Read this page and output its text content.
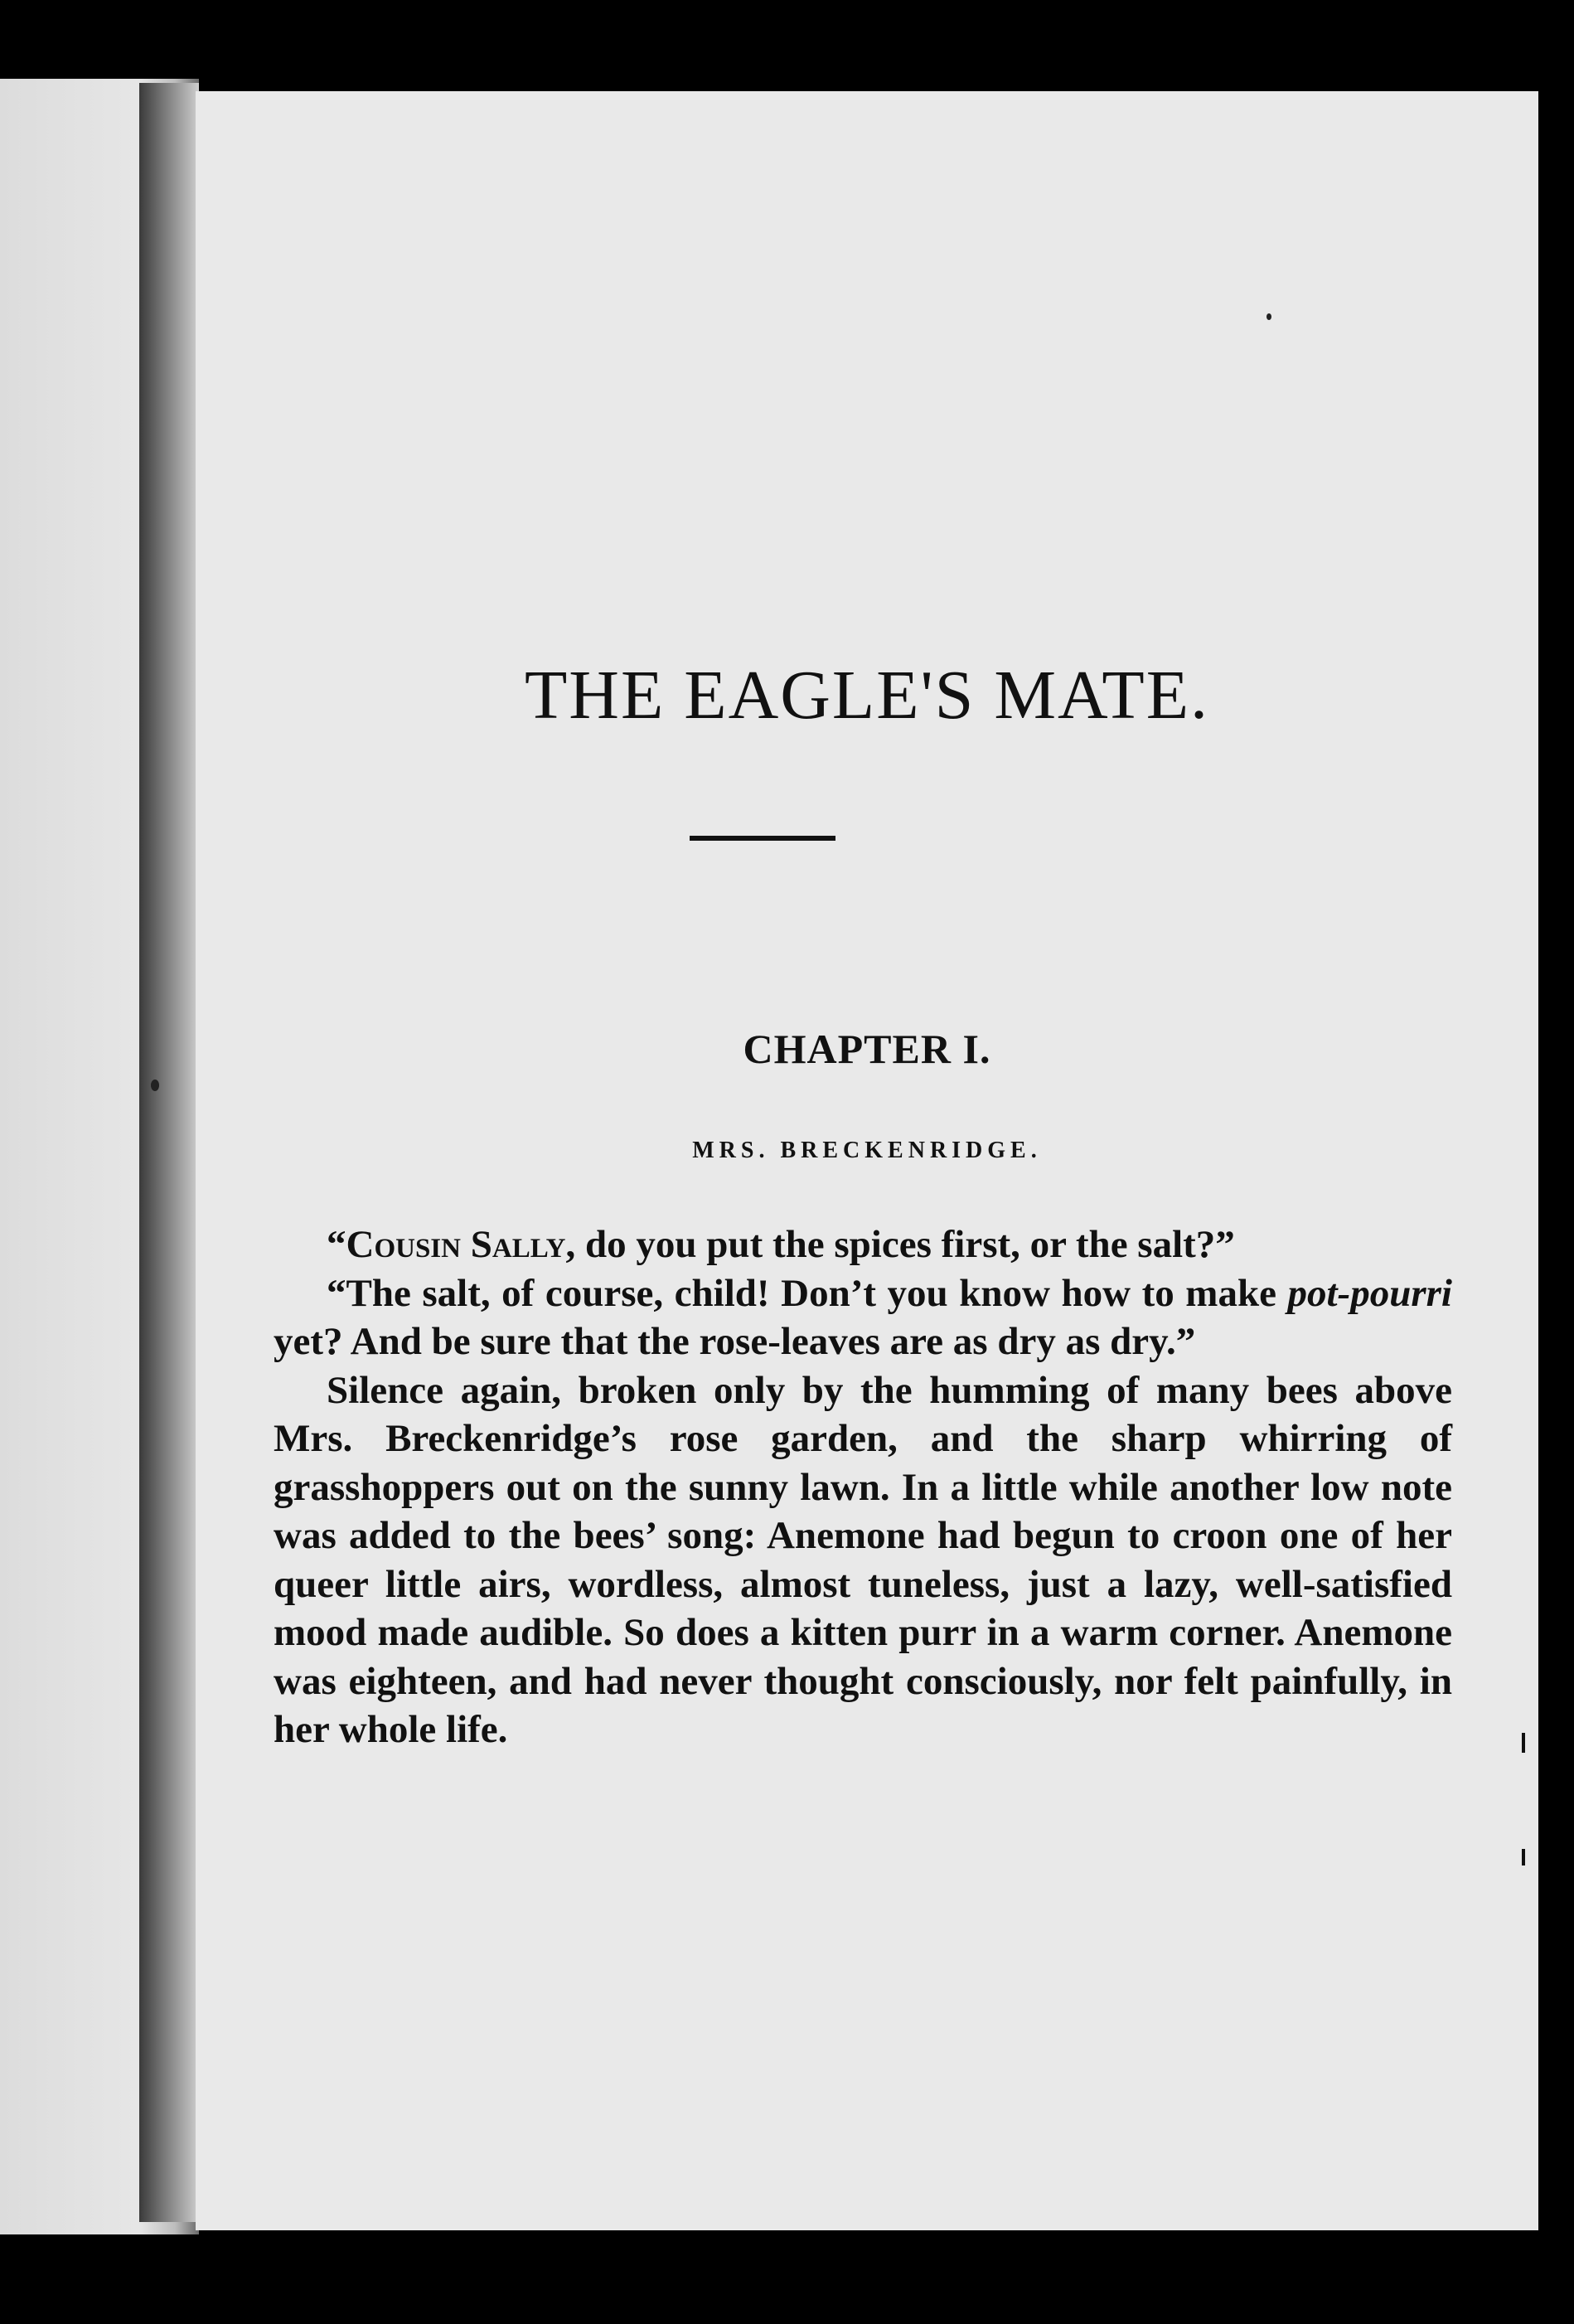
THE EAGLE'S MATE.
CHAPTER I.
MRS. BRECKENRIDGE.

“Cousin Sally, do you put the spices first, or the salt?”

“The salt, of course, child! Don’t you know how to make pot-pourri yet? And be sure that the rose-leaves are as dry as dry.”

Silence again, broken only by the humming of many bees above Mrs. Breckenridge’s rose garden, and the sharp whirring of grasshoppers out on the sunny lawn. In a little while another low note was added to the bees’ song: Anemone had begun to croon one of her queer little airs, wordless, almost tuneless, just a lazy, well-satisfied mood made audible. So does a kitten purr in a warm corner. Anemone was eighteen, and had never thought consciously, nor felt painfully, in her whole life.
